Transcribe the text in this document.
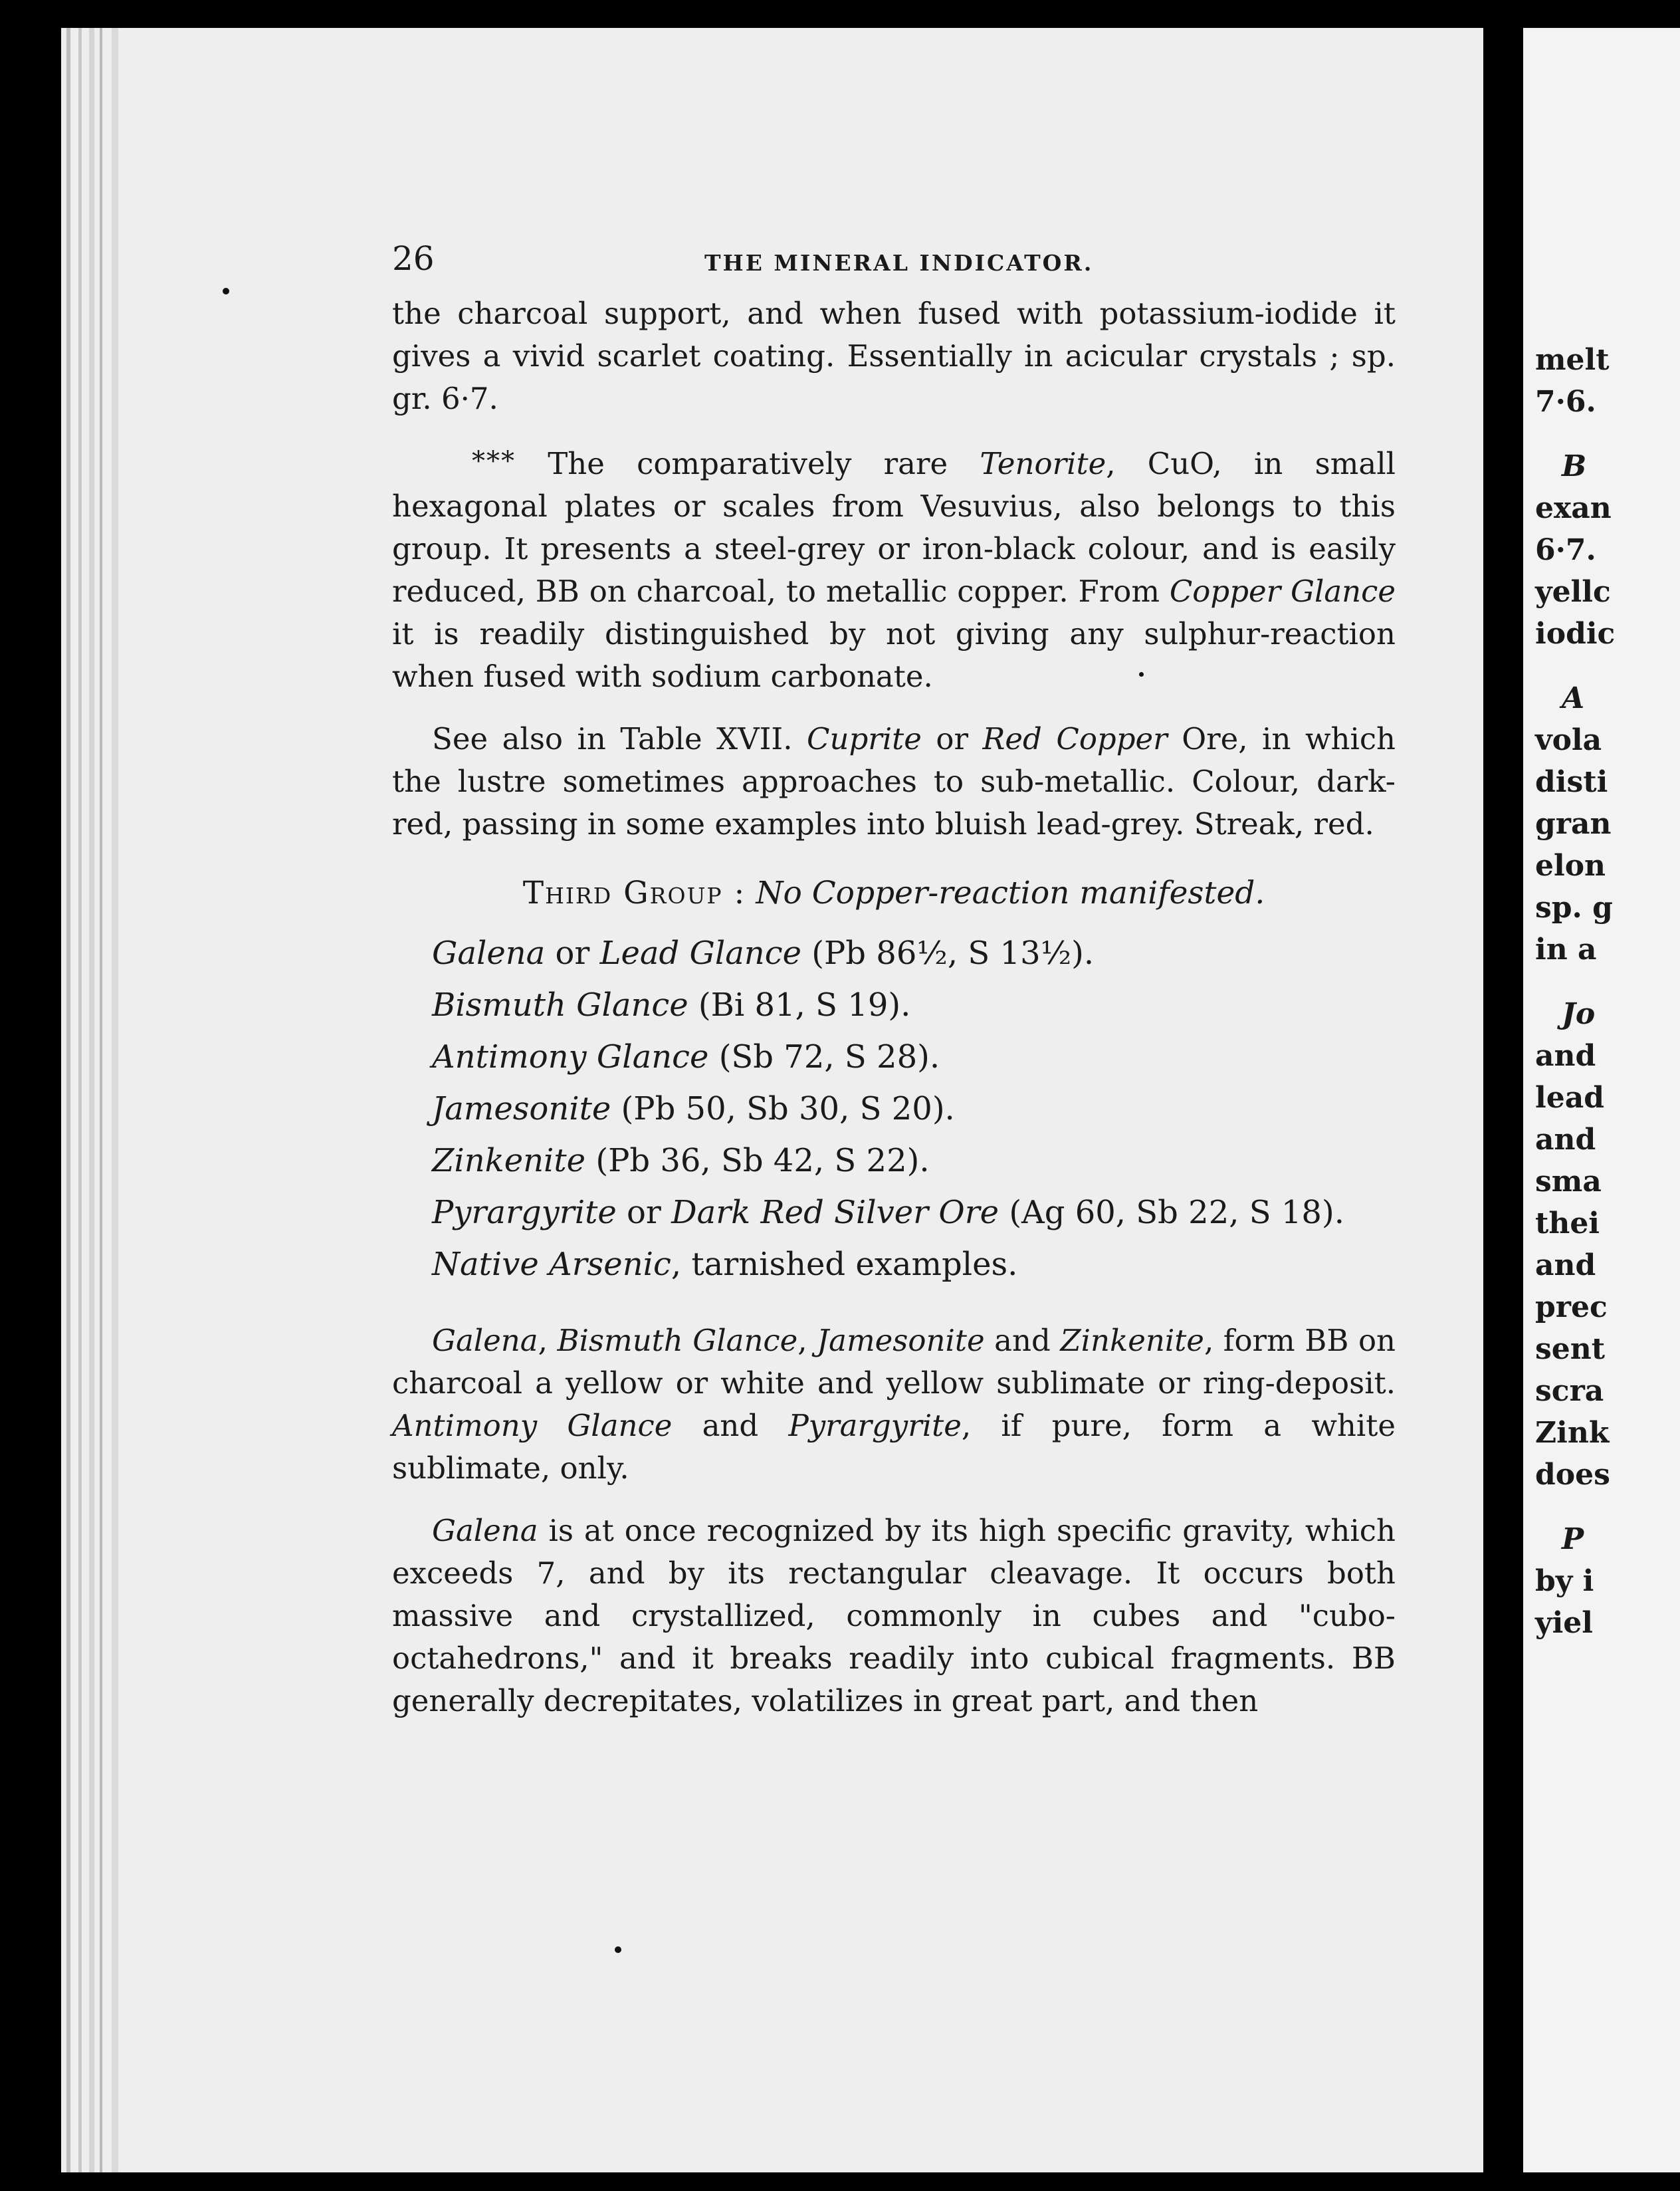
26	THE MINERAL INDICATOR.

the charcoal support, and when fused with potassium-iodide it gives a vivid scarlet coating. Essentially in acicular crystals ; sp. gr. 6·7.

*** The comparatively rare Tenorite, CuO, in small hexagonal plates or scales from Vesuvius, also belongs to this group. It presents a steel-grey or iron-black colour, and is easily reduced, BB on charcoal, to metallic copper. From Copper Glance it is readily distinguished by not giving any sulphur-reaction when fused with sodium carbonate.

See also in Table XVII. Cuprite or Red Copper Ore, in which the lustre sometimes approaches to sub-metallic. Colour, dark-red, passing in some examples into bluish lead-grey. Streak, red.

Third Group : No Copper-reaction manifested.
Galena or Lead Glance (Pb 86½, S 13½).
Bismuth Glance (Bi 81, S 19).
Antimony Glance (Sb 72, S 28).
Jamesonite (Pb 50, Sb 30, S 20).
Zinkenite (Pb 36, Sb 42, S 22).
Pyrargyrite or Dark Red Silver Ore (Ag 60, Sb 22, S 18).
Native Arsenic, tarnished examples.

Galena, Bismuth Glance, Jamesonite and Zinkenite, form BB on charcoal a yellow or white and yellow sublimate or ring-deposit. Antimony Glance and Pyrargyrite, if pure, form a white sublimate, only.

Galena is at once recognized by its high specific gravity, which exceeds 7, and by its rectangular cleavage. It occurs both massive and crystallized, commonly in cubes and "cubo-octahedrons," and it breaks readily into cubical fragments. BB generally decrepitates, volatilizes in great part, and then

melt
7·6.
B
exan
6·7.
yellc
iodic
A
vola
disti
gran
elon
sp. g
in a
Jo
and
lead
and
sma
thei
and
prec
sent
scra
Zink
does
P
by i
yiel
